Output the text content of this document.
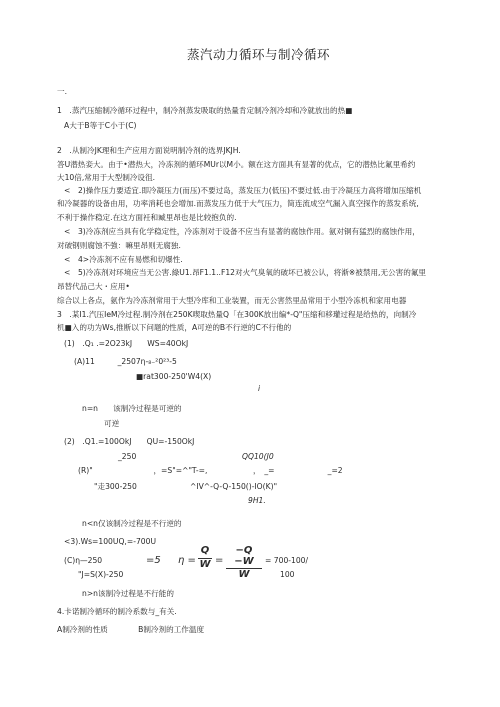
蒸汽动力循环与制冷循环
一.
1　.蒸汽压缩制冷循环过程中，制冷剂蒸发吸取的热量肯定制冷剂冷却和冷就放出的热■
A大于B等于C小于(C)
2　.从制冷JK理和生产应用方面说明制冷剂的选界JKJH.
答U潜热娈大。由于•潜热大，冷冻剂的循环MUr以M小。额在这方面具有显著的优点，它的潜热比氟里希约
大10倍,常用于大型制冷设徂.
<　2)操作压力要适宜.即冷凝压力(而压)不要过岛，蒸发压力(低压)不要过低.由于冷凝压力高将增加压缩机
和冷凝器的设备由用，功率消耗也会增加.而蒸发压力低于大气压力，简连流成空气漏入真空探作的蒸发系统,
不利于操作稳定.在这方面衽和臧里昂也是比较抱负的.
<　3)冷冻剂应当具有化学稳定性，冷冻剂对于设备不应当有显著的腐蚀作用。氨对铜有猛烈的腐蚀作用，
对破钢则腐蚀不強：嘛里昂则无腐独.
<　4>冷冻剂不应有易燃和切爆性.
<　5)冷冻剂对环境应当无公害.綠U1.昂F1.1..F12对火气臭氧的破坏已被公认，将渐※被禁用,无公害的氟里
昂替代品己大・应用•
综合以上各点，氨作为冷冻剂常用于大型冷库和工业装置，而无公害然里品常用于小型冷冻机和家用电器
3　.某I1.汽压IeM冷过程.制冷剂在250K喫取热量Q「在300K放出编*-Q"压缩和移瓘过程是给热的，向制冷
机■入的功为Ws,推断以下问题的性质，A可逆的B不行逆的C不行他的
(1)　.Q₁ .=2O23kJ　　WS=40OkJ
(A)11　　　_2507η-₈₋²0²³-5
■rat300-250'W4(X)
i
n=n　　该制冷过程是可逆的
可逆
(2)　.Q1.=100OkJ　　QU=-150OkJ
_250	QQ10(J0
(R)"　　　　　　　　，=S"=^"T-=,　　　　　　，　_=　　　　　　　_=2
"走300-250　　　　　　　^IV^-Q-Q-150()-IO(K)"
9H1.
n<n仅该制冷过程是不行逆的
<3).Ws=100UQ,=-700U
(C)η—250	=5 η =
Q
W =
−Q −W
W
= 700-100/
"J=S(X)-250	100
n>n该制冷过程是不行能的
4.卡诺制冷循环的制冷系数与_有关.
A制冷剂的性质　　　　B制冷剂的工作温度
